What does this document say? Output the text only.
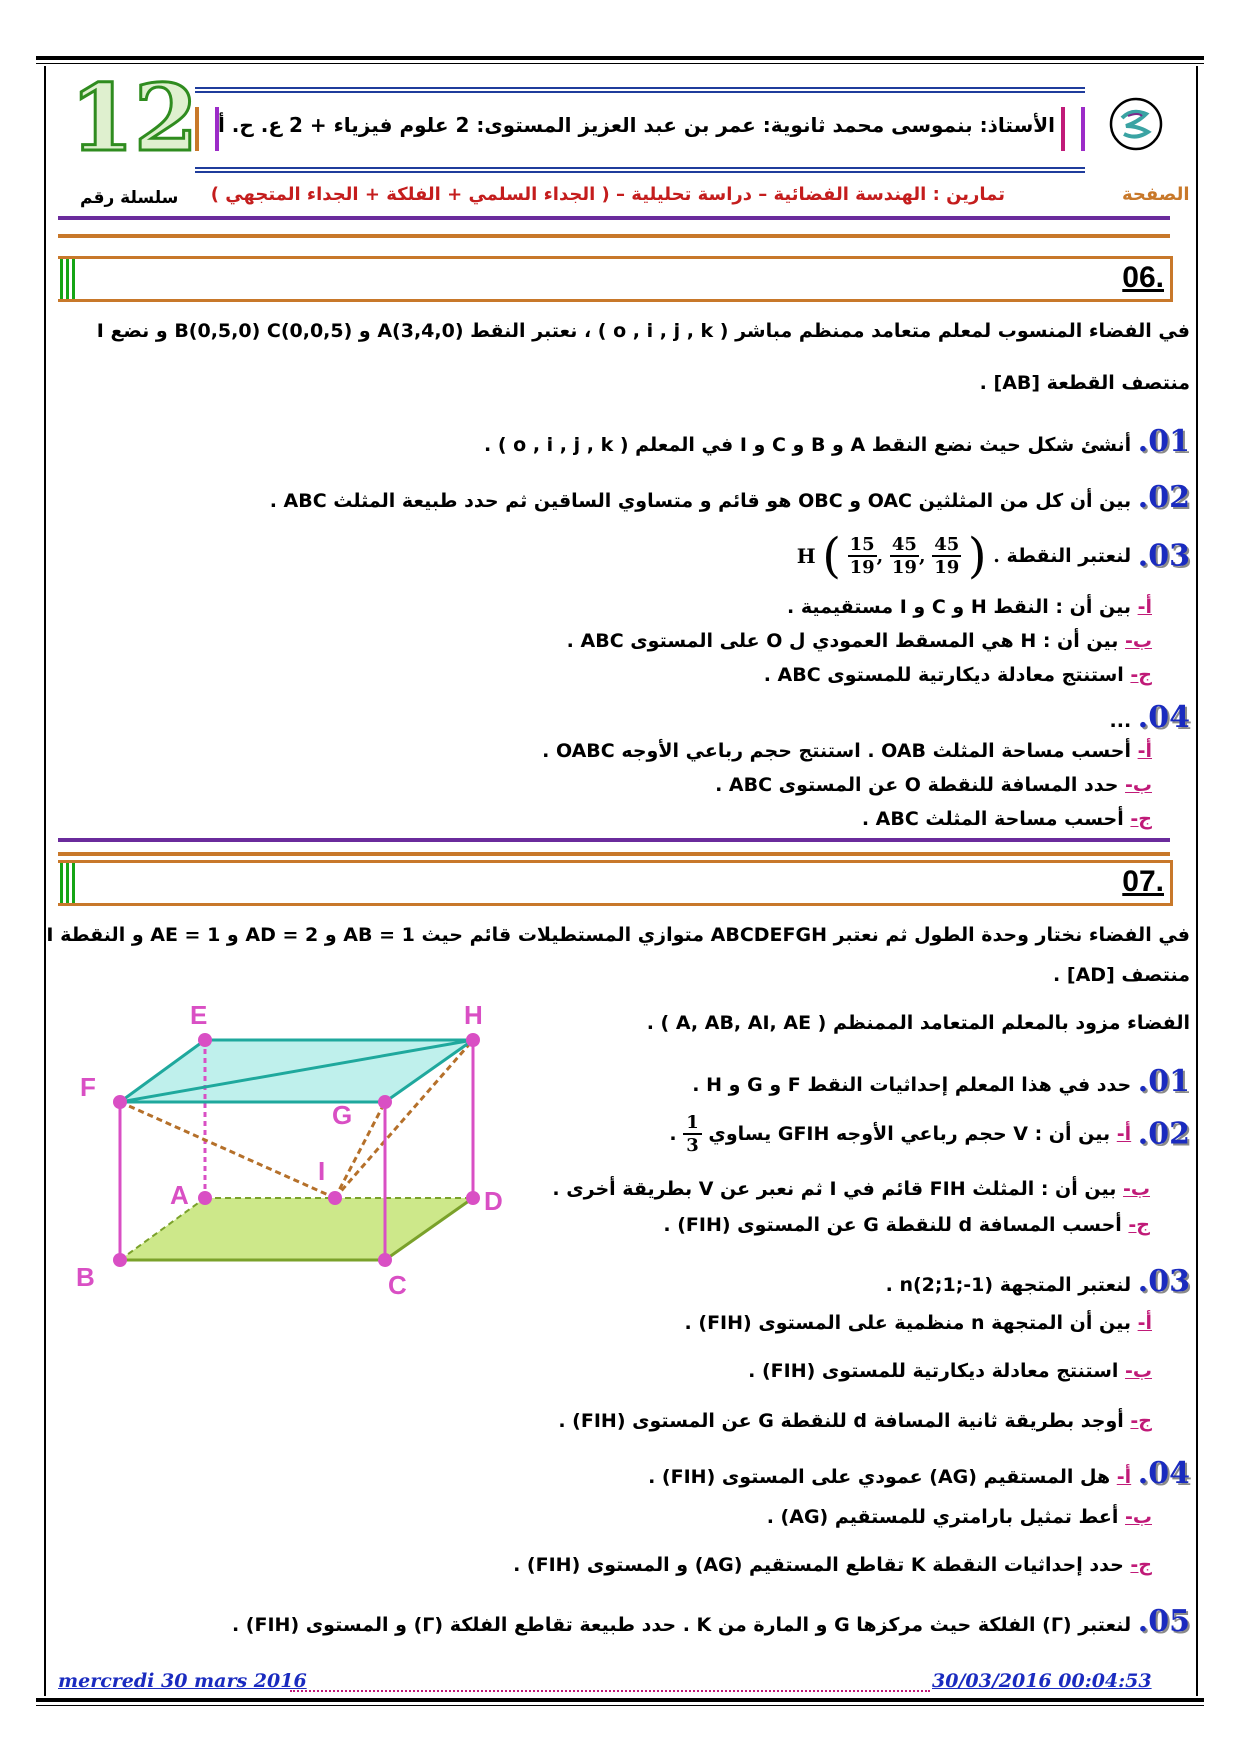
12 الأستاذ: بنموسى محمد ثانوية: عمر بن عبد العزيز المستوى: 2 علوم فيزياء + 2 ع. ح. أ
الصفحة
تمارين : الهندسة الفضائية – دراسة تحليلية – ( الجداء السلمي + الفلكة + الجداء المتجهي )
سلسلة رقم
06.
في الفضاء المنسوب لمعلم متعامد ممنظم مباشر ( o , i , j , k ) ، نعتبر النقط A(3,4,0) و B(0,5,0) C(0,0,5) و نضع I
منتصف القطعة [AB] .
01. أنشئ شكل حيث نضع النقط A و B و C و I في المعلم ( o , i , j , k ) .
02. بين أن كل من المثلثين OAC و OBC هو قائم و متساوي الساقين ثم حدد طبيعة المثلث ABC .
03. لنعتبر النقطة H ( $\frac{15}{19}$ , $\frac{45}{19}$ , $\frac{45}{19}$ ) .
أ- بين أن : النقط H و C و I مستقيمية .
ب- بين أن : H هي المسقط العمودي ل O على المستوى ABC .
ج- استنتج معادلة ديكارتية للمستوى ABC .
04. ...
أ- أحسب مساحة المثلث OAB . استنتج حجم رباعي الأوجه OABC .
ب- حدد المسافة للنقطة O عن المستوى ABC .
ج- أحسب مساحة المثلث ABC .
07.
في الفضاء نختار وحدة الطول ثم نعتبر ABCDEFGH متوازي المستطيلات قائم حيث AB = 1 و AD = 2 و AE = 1 و النقطة I
منتصف [AD] .
الفضاء مزود بالمعلم المتعامد الممنظم ( A, AB, AI, AE ) .
01. حدد في هذا المعلم إحداثيات النقط F و G و H .
02. أ- بين أن : V حجم رباعي الأوجه GFIH يساوي
$\frac{1}{3}$
.
ب- بين أن : المثلث FIH قائم في I ثم نعبر عن V بطريقة أخرى .
ج- أحسب المسافة d للنقطة G عن المستوى (FIH) .
03. لنعتبر المتجهة n(2;1;-1) .
أ- بين أن المتجهة n منظمية على المستوى (FIH) .
ب- استنتج معادلة ديكارتية للمستوى (FIH) .
ج- أوجد بطريقة ثانية المسافة d للنقطة G عن المستوى (FIH) .
04. أ- هل المستقيم (AG) عمودي على المستوى (FIH) .
ب- أعط تمثيل بارامتري للمستقيم (AG) .
ج- حدد إحداثيات النقطة K تقاطع المستقيم (AG) و المستوى (FIH) .
05. لنعتبر (Γ) الفلكة حيث مركزها G و المارة من K . حدد طبيعة تقاطع الفلكة (Γ) و المستوى (FIH) .
E	H
F
G
A
I
D
B	C
mercredi 30 mars 2016	30/03/2016 00:04:53
